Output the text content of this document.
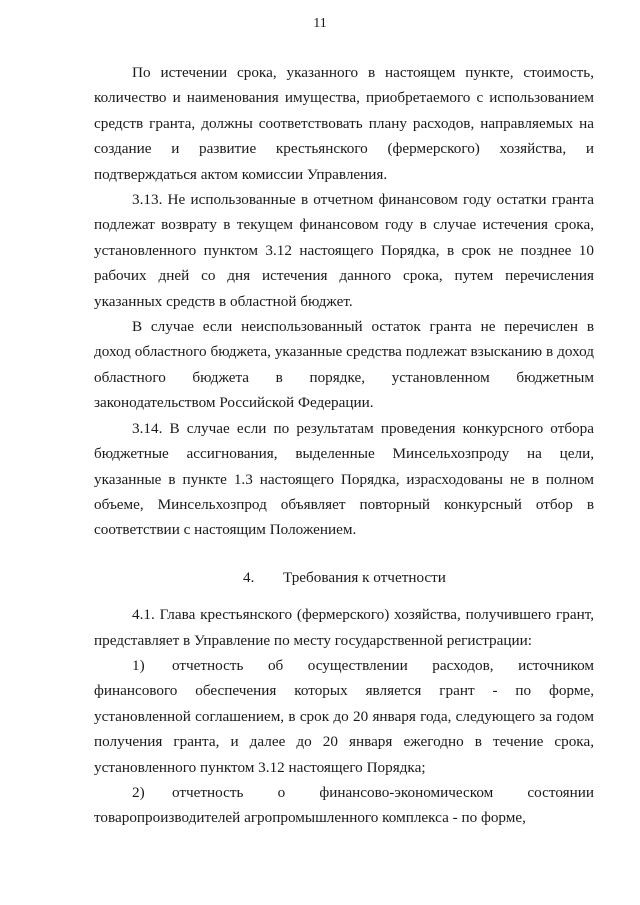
11

По истечении срока, указанного в настоящем пункте, стоимость, количество и наименования имущества, приобретаемого с использованием средств гранта, должны соответствовать плану расходов, направляемых на создание и развитие крестьянского (фермерского) хозяйства, и подтверждаться актом комиссии Управления.

3.13. Не использованные в отчетном финансовом году остатки гранта подлежат возврату в текущем финансовом году в случае истечения срока, установленного пунктом 3.12 настоящего Порядка, в срок не позднее 10 рабочих дней со дня истечения данного срока, путем перечисления указанных средств в областной бюджет.

В случае если неиспользованный остаток гранта не перечислен в доход областного бюджета, указанные средства подлежат взысканию в доход областного бюджета в порядке, установленном бюджетным законодательством Российской Федерации.

3.14. В случае если по результатам проведения конкурсного отбора бюджетные ассигнования, выделенные Минсельхозпроду на цели, указанные в пункте 1.3 настоящего Порядка, израсходованы не в полном объеме, Минсельхозпрод объявляет повторный конкурсный отбор в соответствии с настоящим Положением.

4. Требования к отчетности

4.1. Глава крестьянского (фермерского) хозяйства, получившего грант, представляет в Управление по месту государственной регистрации:

1) отчетность об осуществлении расходов, источником финансового обеспечения которых является грант - по форме, установленной соглашением, в срок до 20 января года, следующего за годом получения гранта, и далее до 20 января ежегодно в течение срока, установленного пунктом 3.12 настоящего Порядка;

2) отчетность о финансово-экономическом состоянии товаропроизводителей агропромышленного комплекса - по форме,
